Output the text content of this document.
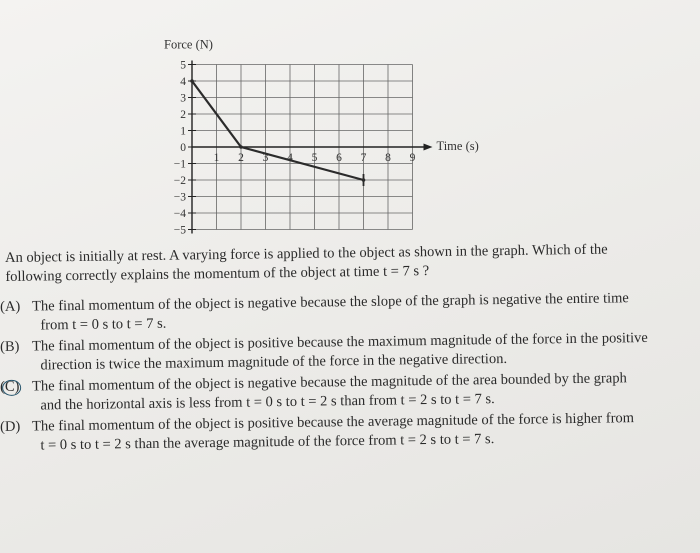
5
4
3
2
1
0
−1
−2
−3
−4
−5
1 2 3 4 5 6 7 8 9
Force (N)
Time (s)

An object is initially at rest. A varying force is applied to the object as shown in the graph. Which of the

following correctly explains the momentum of the object at time t = 7 s ?

(A) The final momentum of the object is negative because the slope of the graph is negative the entire time
from t = 0 s to t = 7 s.
(B) The final momentum of the object is positive because the maximum magnitude of the force in the positive
direction is twice the maximum magnitude of the force in the negative direction.
(C) The final momentum of the object is negative because the magnitude of the area bounded by the graph
and the horizontal axis is less from t = 0 s to t = 2 s than from t = 2 s to t = 7 s.
(D) The final momentum of the object is positive because the average magnitude of the force is higher from
t = 0 s to t = 2 s than the average magnitude of the force from t = 2 s to t = 7 s.
